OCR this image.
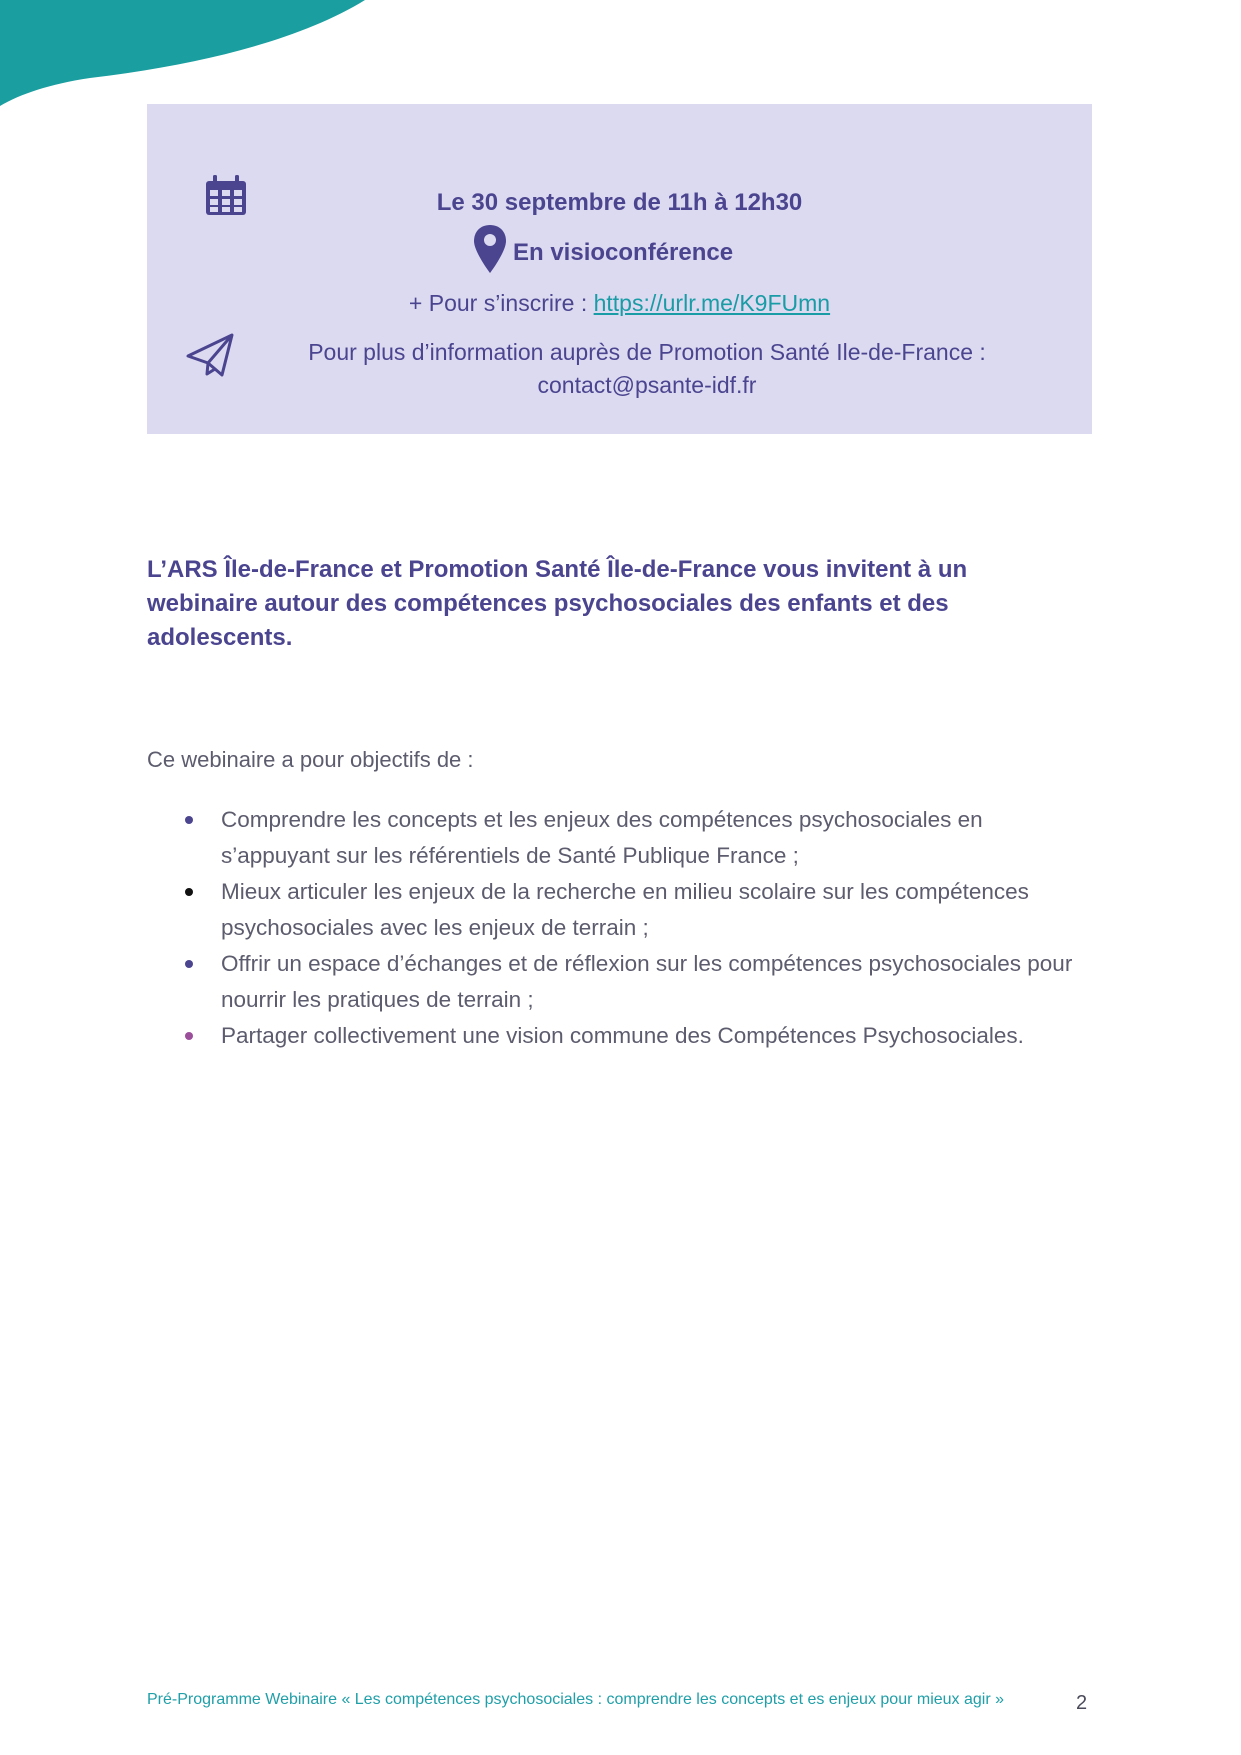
Le 30 septembre de 11h à 12h30
En visioconférence
+ Pour s’inscrire : https://urlr.me/K9FUmn
Pour plus d’information auprès de Promotion Santé Ile-de-France :
contact@psante-idf.fr

L’ARS Île-de-France et Promotion Santé Île-de-France vous invitent à un webinaire autour des compétences psychosociales des enfants et des adolescents.

Ce webinaire a pour objectifs de :

Comprendre les concepts et les enjeux des compétences psychosociales en s’appuyant sur les référentiels de Santé Publique France ;
Mieux articuler les enjeux de la recherche en milieu scolaire sur les compétences psychosociales avec les enjeux de terrain ;
Offrir un espace d’échanges et de réflexion sur les compétences psychosociales pour nourrir les pratiques de terrain ;
Partager collectivement une vision commune des Compétences Psychosociales.
Pré-Programme Webinaire « Les compétences psychosociales : comprendre les concepts et es enjeux pour mieux agir »	2
